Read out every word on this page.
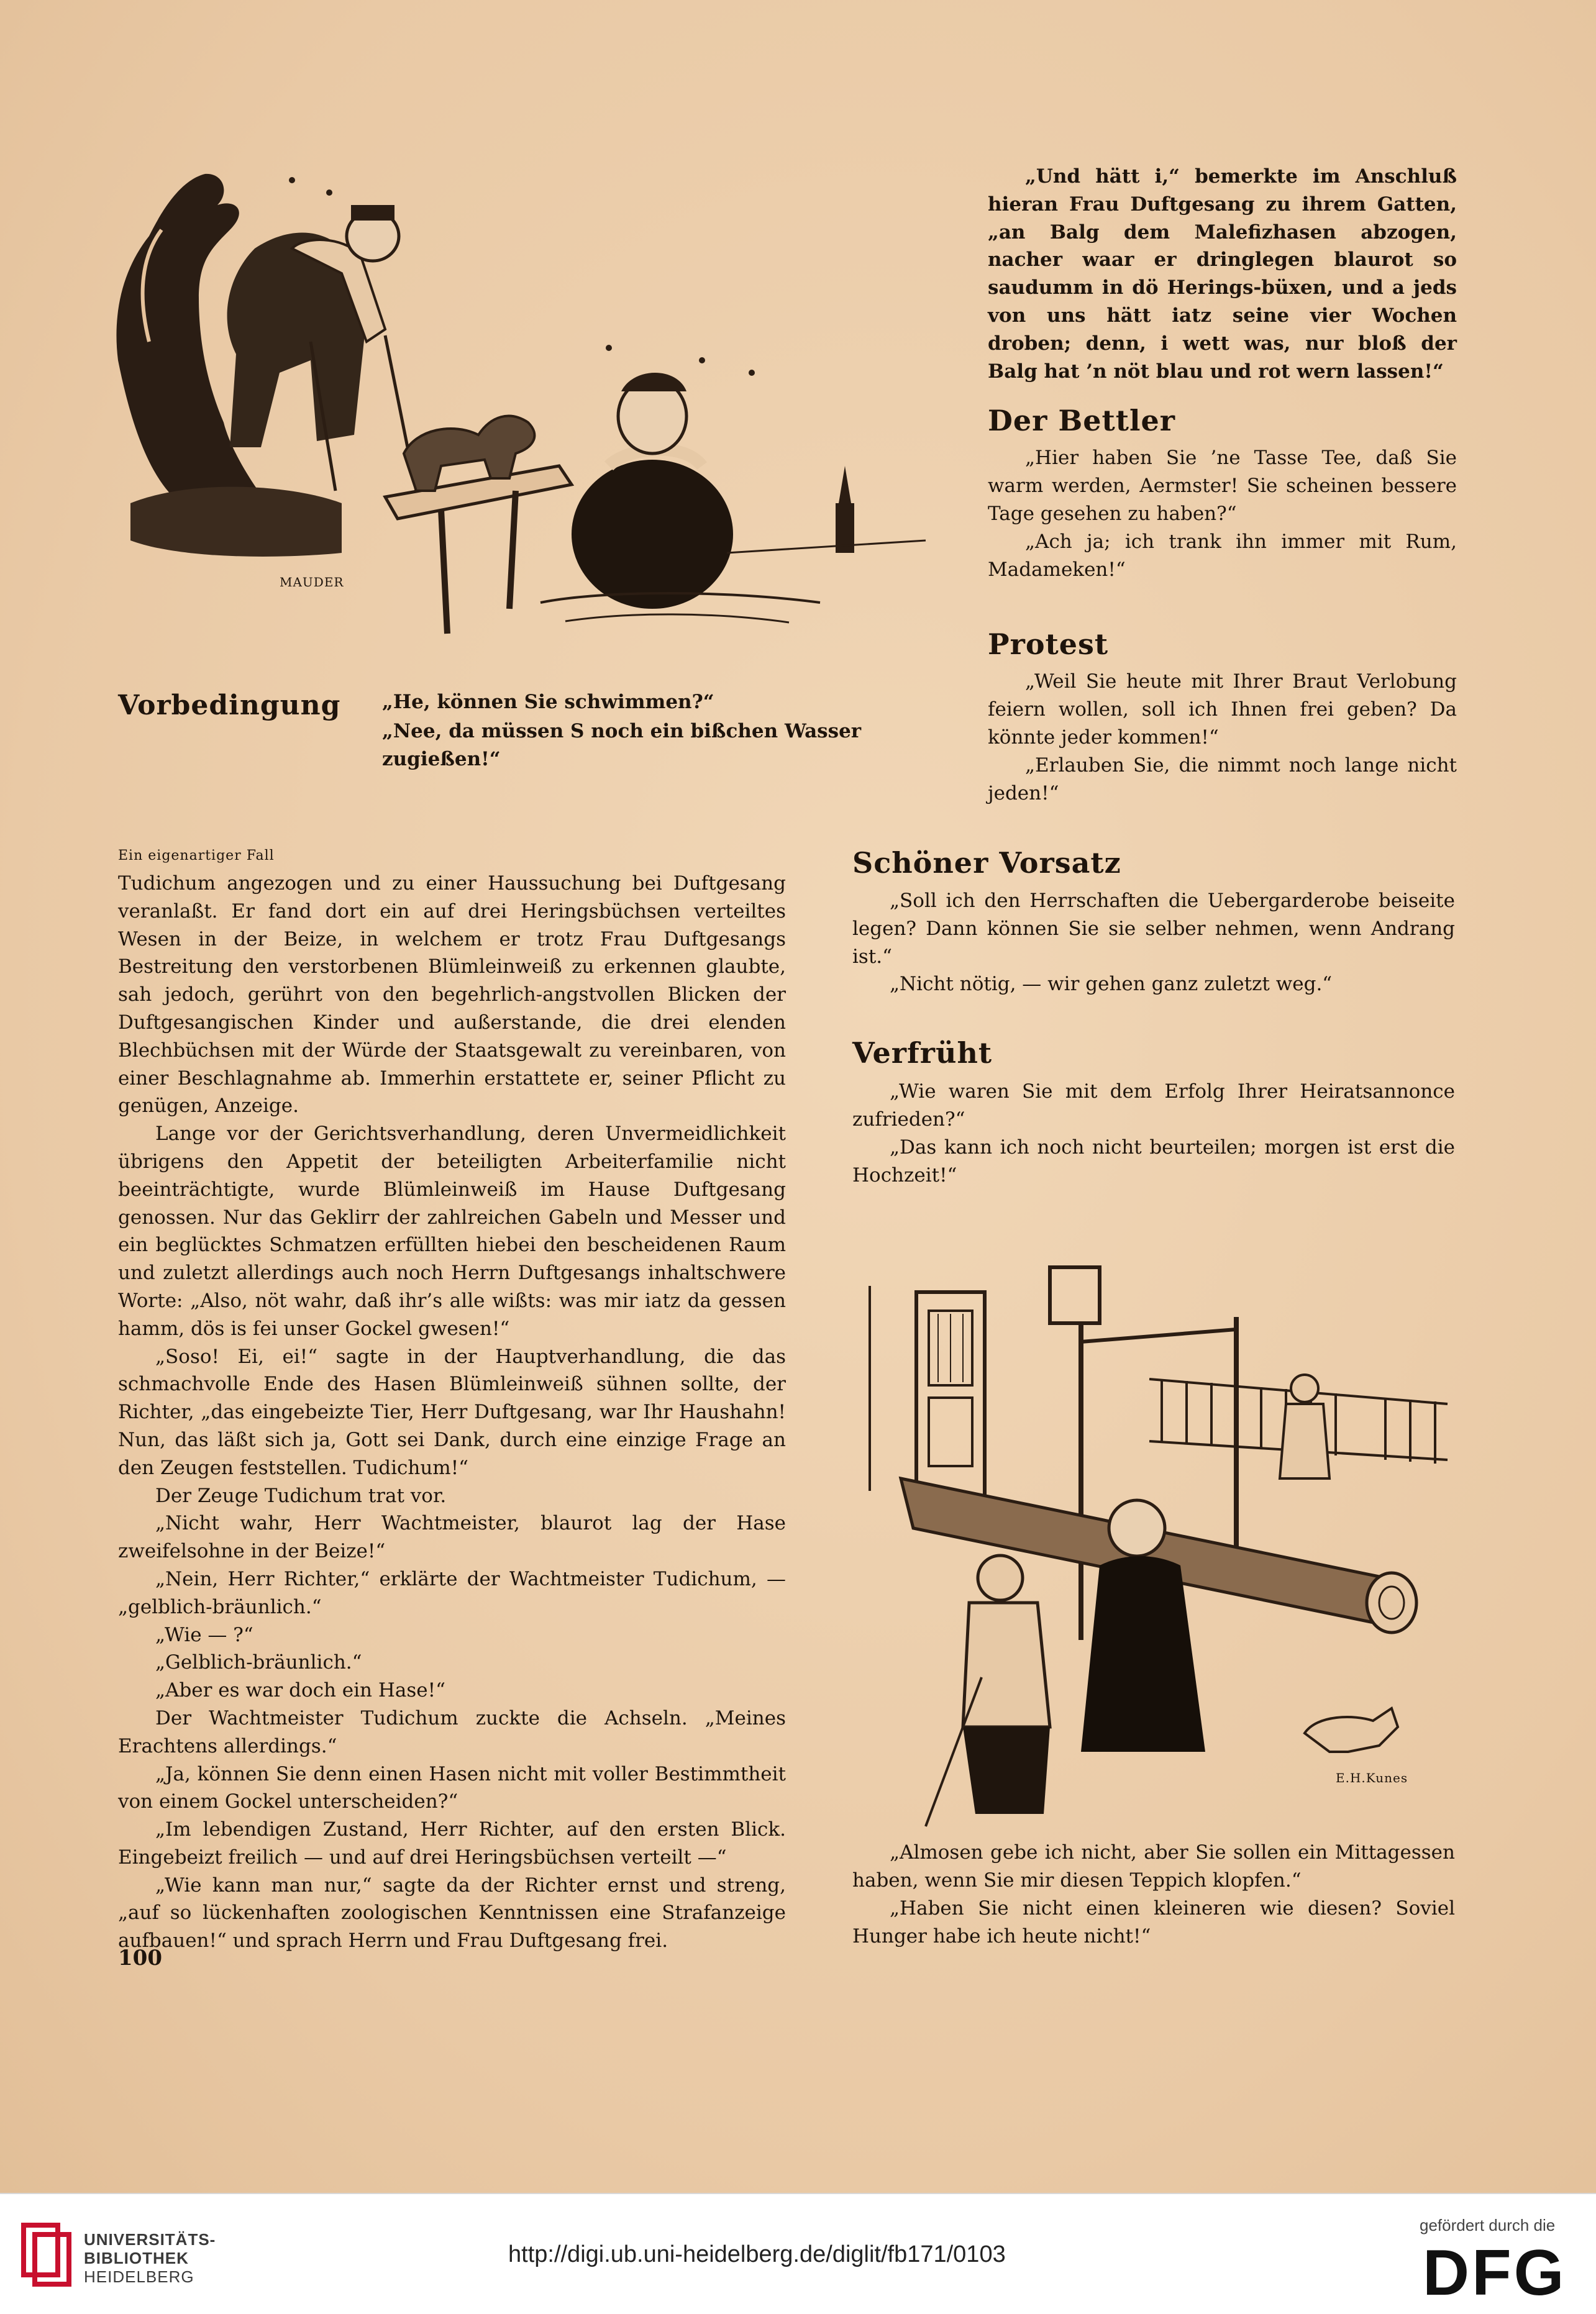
MAUDER
Vorbedingung „He, können Sie schwimmen?“
„Nee, da müssen S noch ein bißchen Wasser zugießen!“

„Und hätt i,“ bemerkte im Anschluß hieran Frau Duftgesang zu ihrem Gatten, „an Balg dem Malefizhasen abzogen, nacher waar er dringlegen blaurot so saudumm in dö Herings-büxen, und a jeds von uns hätt iatz seine vier Wochen droben; denn, i wett was, nur bloß der Balg hat ’n nöt blau und rot wern lassen!“

Der Bettler

„Hier haben Sie ’ne Tasse Tee, daß Sie warm werden, Aermster! Sie scheinen bessere Tage gesehen zu haben?“

„Ach ja; ich trank ihn immer mit Rum, Madameken!“

Protest

„Weil Sie heute mit Ihrer Braut Verlobung feiern wollen, soll ich Ihnen frei geben? Da könnte jeder kommen!“

„Erlauben Sie, die nimmt noch lange nicht jeden!“

Ein eigenartiger Fall

Tudichum angezogen und zu einer Haussuchung bei Duftgesang veranlaßt. Er fand dort ein auf drei Heringsbüchsen verteiltes Wesen in der Beize, in welchem er trotz Frau Duftgesangs Bestreitung den verstorbenen Blümleinweiß zu erkennen glaubte, sah jedoch, gerührt von den begehrlich-angstvollen Blicken der Duftgesangischen Kinder und außerstande, die drei elenden Blechbüchsen mit der Würde der Staatsgewalt zu vereinbaren, von einer Beschlagnahme ab. Immerhin erstattete er, seiner Pflicht zu genügen, Anzeige.

Lange vor der Gerichtsverhandlung, deren Unvermeidlichkeit übrigens den Appetit der beteiligten Arbeiterfamilie nicht beeinträchtigte, wurde Blümleinweiß im Hause Duftgesang genossen. Nur das Geklirr der zahlreichen Gabeln und Messer und ein beglücktes Schmatzen erfüllten hiebei den bescheidenen Raum und zuletzt allerdings auch noch Herrn Duftgesangs inhaltschwere Worte: „Also, nöt wahr, daß ihr’s alle wißts: was mir iatz da gessen hamm, dös is fei unser Gockel gwesen!“

„Soso! Ei, ei!“ sagte in der Hauptverhandlung, die das schmachvolle Ende des Hasen Blümleinweiß sühnen sollte, der Richter, „das eingebeizte Tier, Herr Duftgesang, war Ihr Haushahn! Nun, das läßt sich ja, Gott sei Dank, durch eine einzige Frage an den Zeugen feststellen. Tudichum!“

Der Zeuge Tudichum trat vor.

„Nicht wahr, Herr Wachtmeister, blaurot lag der Hase zweifelsohne in der Beize!“

„Nein, Herr Richter,“ erklärte der Wachtmeister Tudichum, — „gelblich-bräunlich.“

„Wie — ?“

„Gelblich-bräunlich.“

„Aber es war doch ein Hase!“

Der Wachtmeister Tudichum zuckte die Achseln. „Meines Erachtens allerdings.“

„Ja, können Sie denn einen Hasen nicht mit voller Bestimmtheit von einem Gockel unterscheiden?“

„Im lebendigen Zustand, Herr Richter, auf den ersten Blick. Eingebeizt freilich — und auf drei Heringsbüchsen verteilt —“

„Wie kann man nur,“ sagte da der Richter ernst und streng, „auf so lückenhaften zoologischen Kenntnissen eine Strafanzeige aufbauen!“ und sprach Herrn und Frau Duftgesang frei.

100
Schöner Vorsatz

„Soll ich den Herrschaften die Uebergarderobe beiseite legen? Dann können Sie sie selber nehmen, wenn Andrang ist.“

„Nicht nötig, — wir gehen ganz zuletzt weg.“

Verfrüht

„Wie waren Sie mit dem Erfolg Ihrer Heiratsannonce zufrieden?“

„Das kann ich noch nicht beurteilen; morgen ist erst die Hochzeit!“

E.H.Kunes

„Almosen gebe ich nicht, aber Sie sollen ein Mittagessen haben, wenn Sie mir diesen Teppich klopfen.“

„Haben Sie nicht einen kleineren wie diesen? Soviel Hunger habe ich heute nicht!“

UNIVERSITÄTS-
BIBLIOTHEK
HEIDELBERG
http://digi.ub.uni-heidelberg.de/diglit/fb171/0103
gefördert durch die
DFG
